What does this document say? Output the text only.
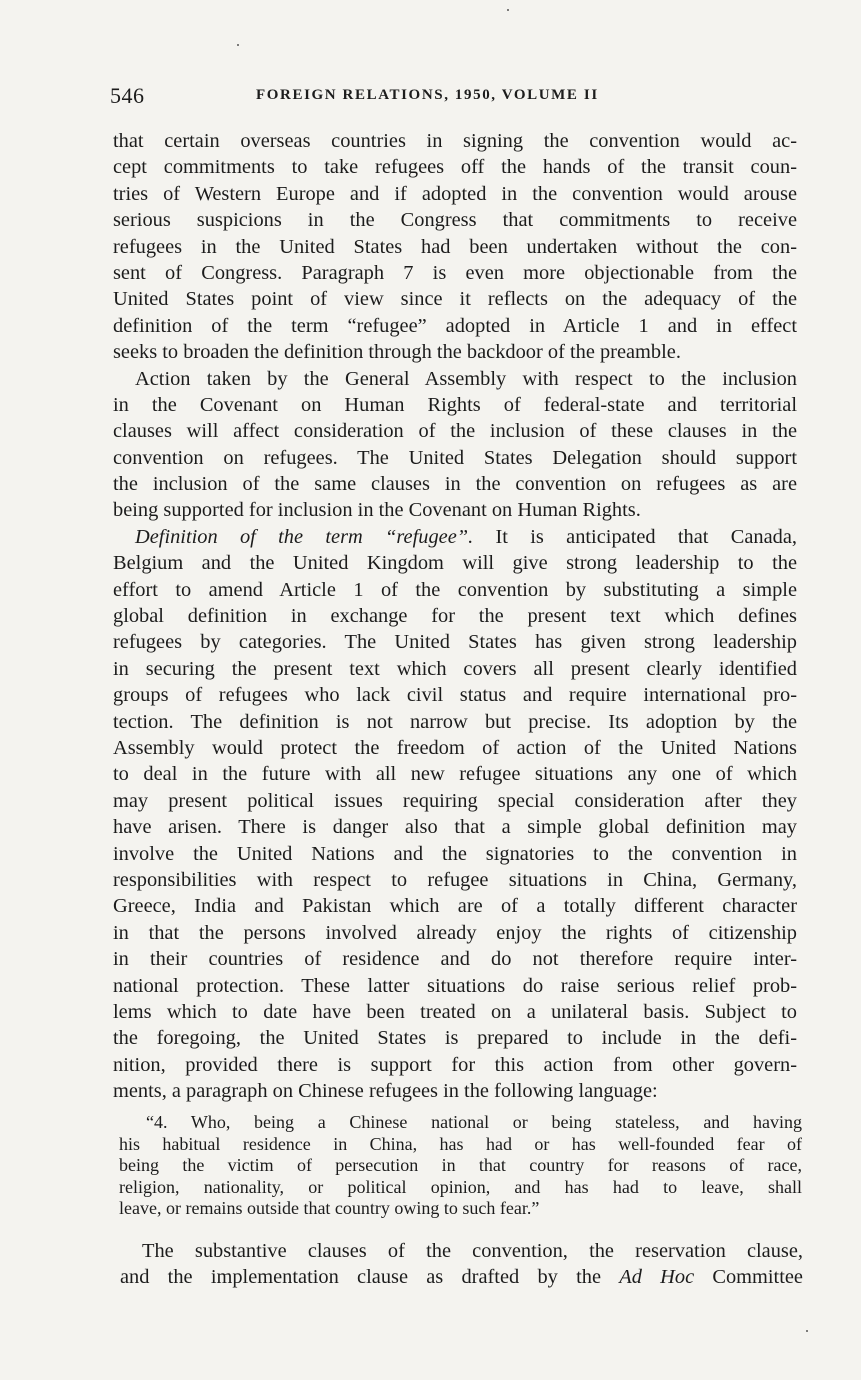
546	FOREIGN RELATIONS, 1950, VOLUME II
that certain overseas countries in signing the convention would ac-
cept commitments to take refugees off the hands of the transit coun-
tries of Western Europe and if adopted in the convention would arouse
serious suspicions in the Congress that commitments to receive
refugees in the United States had been undertaken without the con-
sent of Congress. Paragraph 7 is even more objectionable from the
United States point of view since it reflects on the adequacy of the
definition of the term “refugee” adopted in Article 1 and in effect
seeks to broaden the definition through the backdoor of the preamble.
Action taken by the General Assembly with respect to the inclusion
in the Covenant on Human Rights of federal-state and territorial
clauses will affect consideration of the inclusion of these clauses in the
convention on refugees. The United States Delegation should support
the inclusion of the same clauses in the convention on refugees as are
being supported for inclusion in the Covenant on Human Rights.
Definition of the term “refugee”. It is anticipated that Canada,
Belgium and the United Kingdom will give strong leadership to the
effort to amend Article 1 of the convention by substituting a simple
global definition in exchange for the present text which defines
refugees by categories. The United States has given strong leadership
in securing the present text which covers all present clearly identified
groups of refugees who lack civil status and require international pro-
tection. The definition is not narrow but precise. Its adoption by the
Assembly would protect the freedom of action of the United Nations
to deal in the future with all new refugee situations any one of which
may present political issues requiring special consideration after they
have arisen. There is danger also that a simple global definition may
involve the United Nations and the signatories to the convention in
responsibilities with respect to refugee situations in China, Germany,
Greece, India and Pakistan which are of a totally different character
in that the persons involved already enjoy the rights of citizenship
in their countries of residence and do not therefore require inter-
national protection. These latter situations do raise serious relief prob-
lems which to date have been treated on a unilateral basis. Subject to
the foregoing, the United States is prepared to include in the defi-
nition, provided there is support for this action from other govern-
ments, a paragraph on Chinese refugees in the following language:
“4. Who, being a Chinese national or being stateless, and having
his habitual residence in China, has had or has well-founded fear of
being the victim of persecution in that country for reasons of race,
religion, nationality, or political opinion, and has had to leave, shall
leave, or remains outside that country owing to such fear.”
The substantive clauses of the convention, the reservation clause,
and the implementation clause as drafted by the Ad Hoc Committee
